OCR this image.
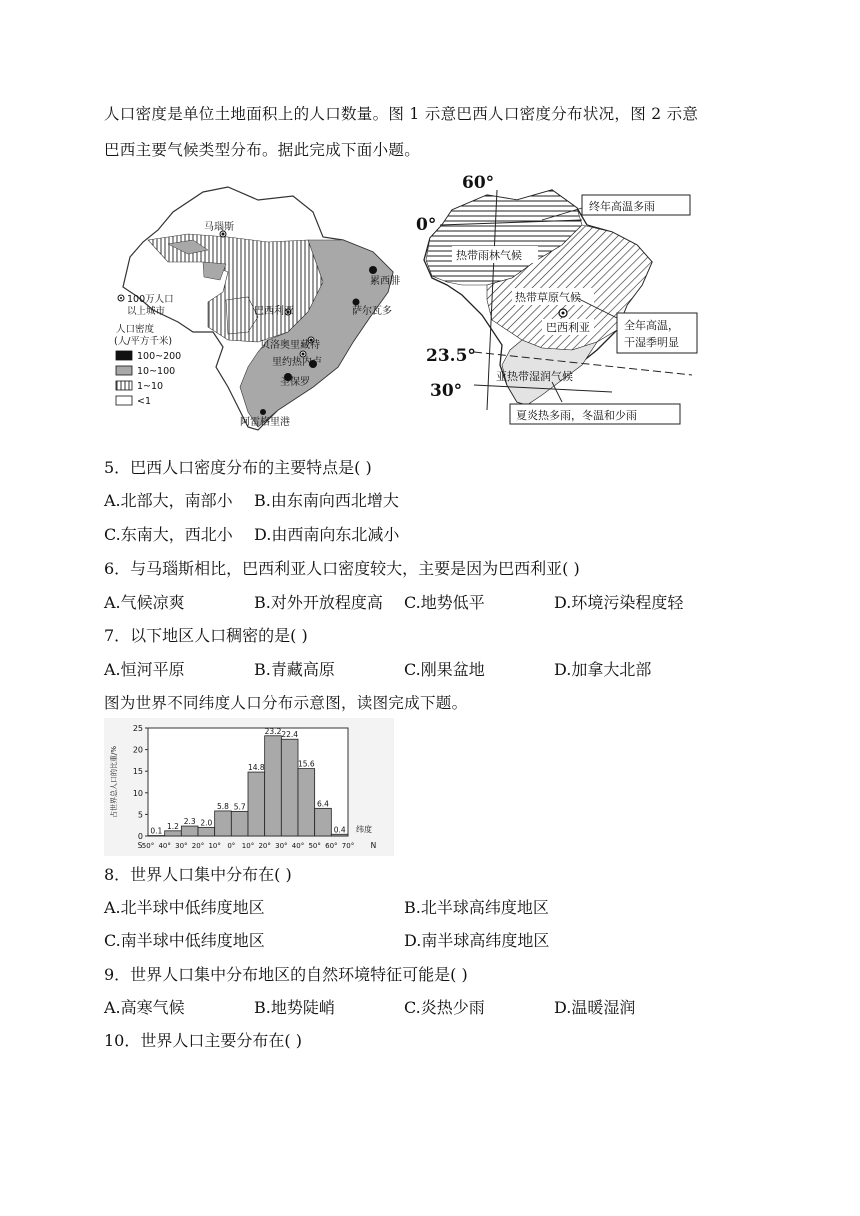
人口密度是单位土地面积上的人口数量。图 1 示意巴西人口密度分布状况，图 2 示意
巴西主要气候类型分布。据此完成下面小题。
马瑙斯
累西腓
萨尔瓦多
巴西利亚
贝洛奥里藏特
里约热内卢
圣保罗
阿雷格里港
100万人口
以上城市
人口密度
(人/平方千米)
100~200
10~100
1~10
<1
60°
0°
23.5°
30°
热带雨林气候
热带草原气候
巴西利亚
亚热带湿润气候
终年高温多雨
全年高温，
干湿季明显
夏炎热多雨，冬温和少雨
5．巴西人口密度分布的主要特点是( )
A.北部大，南部小 B.由东南向西北增大
C.东南大，西北小 D.由西南向东北减小
6．与马瑙斯相比，巴西利亚人口密度较大，主要是因为巴西利亚( )
A.气候凉爽	B.对外开放程度高 C.地势低平	D.环境污染程度轻
7．以下地区人口稠密的是( )
A.恒河平原	B.青藏高原	C.刚果盆地	D.加拿大北部
图为世界不同纬度人口分布示意图，读图完成下题。
0
5
10
15
20
25
占世界总人口的比重/%
0.1
1.2
2.3 2.0
5.8 5.7
14.8
23.2 22.4
15.6
6.4
0.4
S 50° 40° 30° 20° 10° 0° 10° 20° 30° 40° 50° 60° 70° N
纬度
8．世界人口集中分布在( )
A.北半球中低纬度地区	B.北半球高纬度地区
C.南半球中低纬度地区	D.南半球高纬度地区
9．世界人口集中分布地区的自然环境特征可能是( )
A.高寒气候	B.地势陡峭	C.炎热少雨	D.温暖湿润
10．世界人口主要分布在( )
